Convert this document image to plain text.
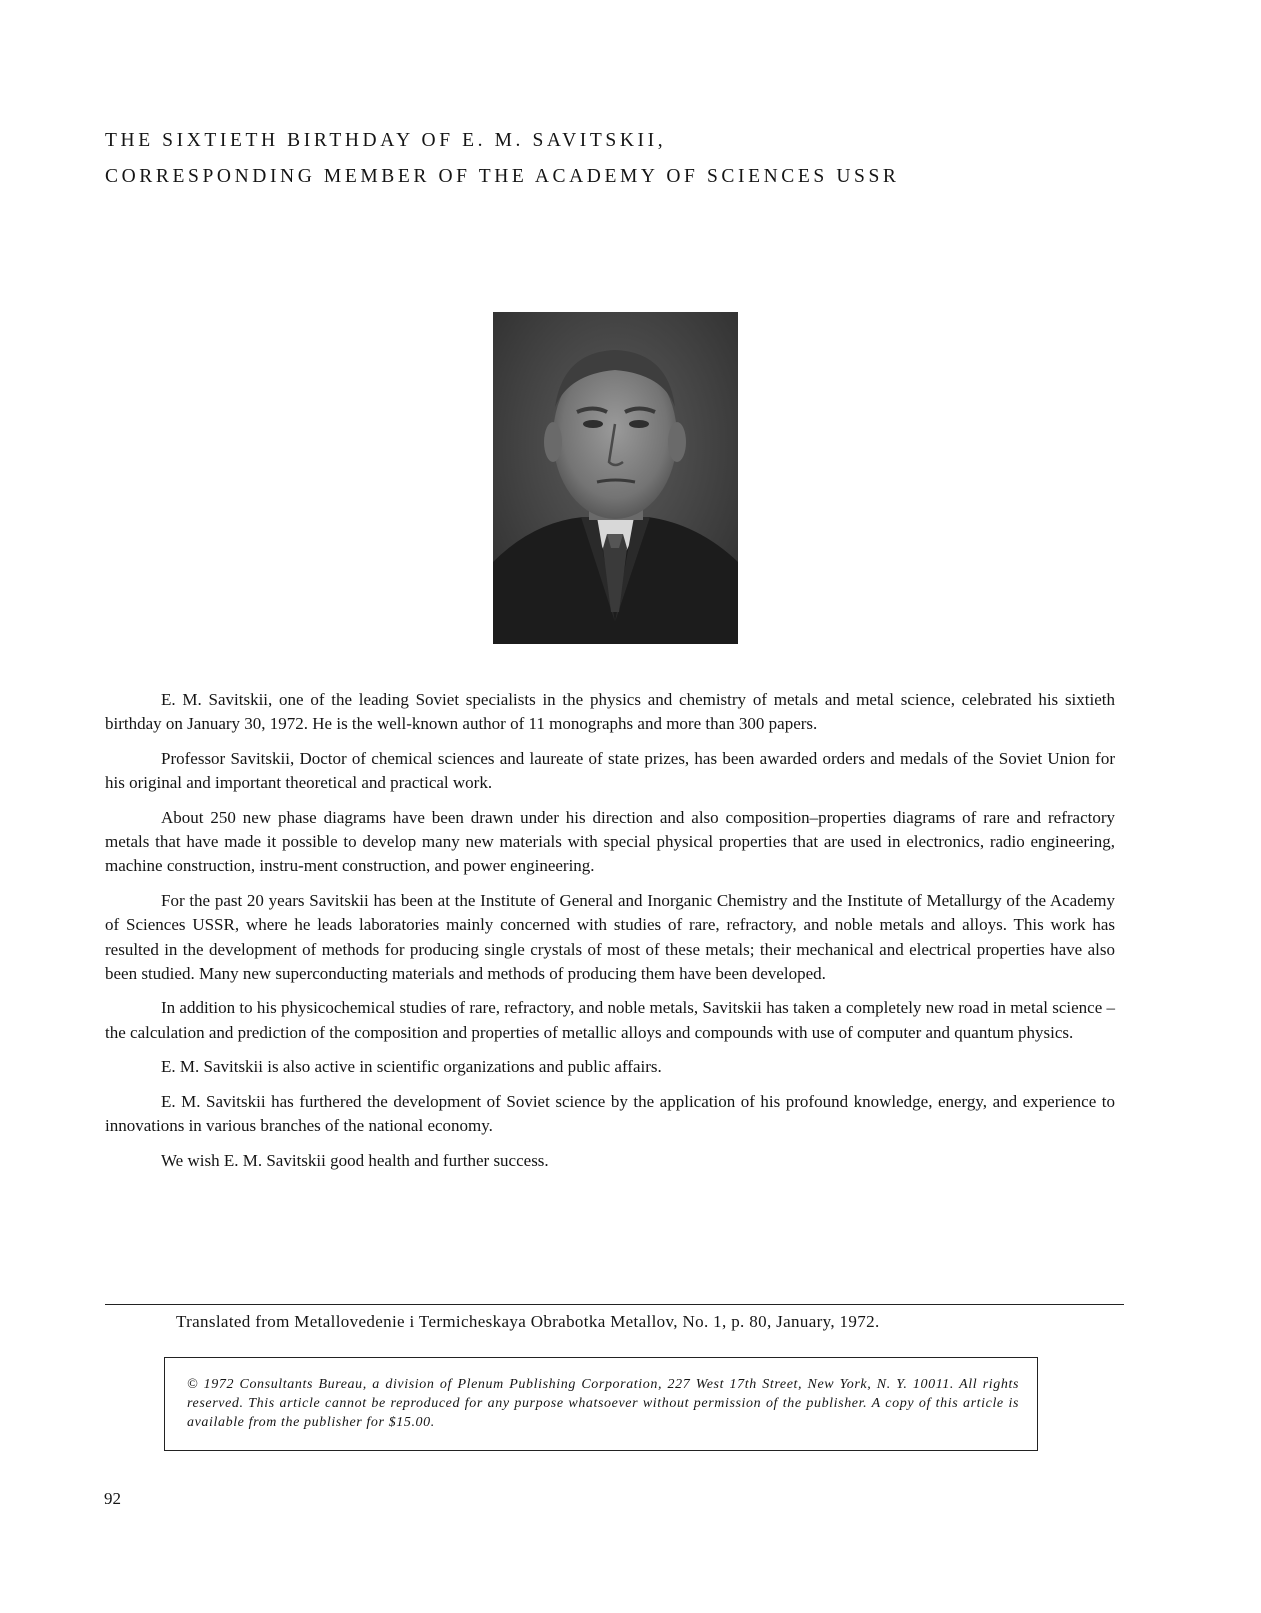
THE SIXTIETH BIRTHDAY OF E. M. SAVITSKII,
CORRESPONDING MEMBER OF THE ACADEMY OF SCIENCES USSR

E. M. Savitskii, one of the leading Soviet specialists in the physics and chemistry of metals and metal science, celebrated his sixtieth birthday on January 30, 1972. He is the well-known author of 11 monographs and more than 300 papers.

Professor Savitskii, Doctor of chemical sciences and laureate of state prizes, has been awarded orders and medals of the Soviet Union for his original and important theoretical and practical work.

About 250 new phase diagrams have been drawn under his direction and also composition–properties diagrams of rare and refractory metals that have made it possible to develop many new materials with special physical properties that are used in electronics, radio engineering, machine construction, instru-ment construction, and power engineering.

For the past 20 years Savitskii has been at the Institute of General and Inorganic Chemistry and the Institute of Metallurgy of the Academy of Sciences USSR, where he leads laboratories mainly concerned with studies of rare, refractory, and noble metals and alloys. This work has resulted in the development of methods for producing single crystals of most of these metals; their mechanical and electrical properties have also been studied. Many new superconducting materials and methods of producing them have been developed.

In addition to his physicochemical studies of rare, refractory, and noble metals, Savitskii has taken a completely new road in metal science – the calculation and prediction of the composition and properties of metallic alloys and compounds with use of computer and quantum physics.

E. M. Savitskii is also active in scientific organizations and public affairs.

E. M. Savitskii has furthered the development of Soviet science by the application of his profound knowledge, energy, and experience to innovations in various branches of the national economy.

We wish E. M. Savitskii good health and further success.

Translated from Metallovedenie i Termicheskaya Obrabotka Metallov, No. 1, p. 80, January, 1972.

© 1972 Consultants Bureau, a division of Plenum Publishing Corporation, 227 West 17th Street, New York, N. Y. 10011. All rights reserved. This article cannot be reproduced for any purpose whatsoever without permission of the publisher. A copy of this article is available from the publisher for $15.00.

92
